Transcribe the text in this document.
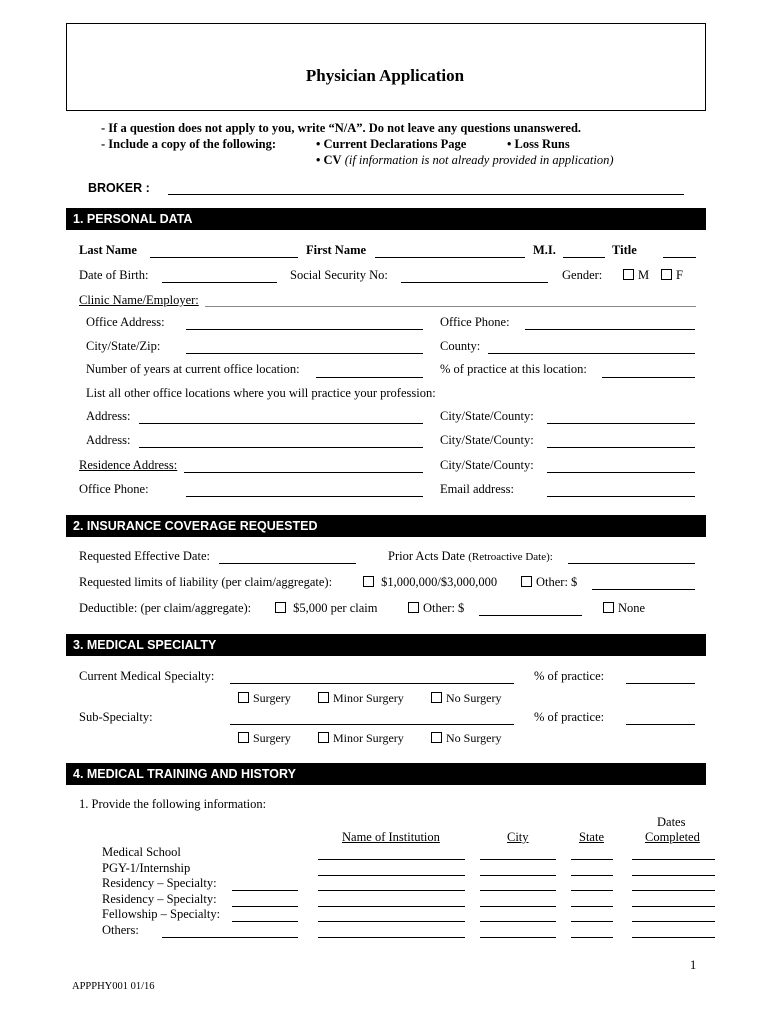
Physician Application
- If a question does not apply to you, write “N/A”. Do not leave any questions unanswered.
- Include a copy of the following:	• Current Declarations Page	• Loss Runs
• CV (if information is not already provided in application)
BROKER :
1. PERSONAL DATA
Last Name	First Name	M.I.	Title
Date of Birth:	Social Security No:	Gender:	M	F
Clinic Name/Employer:
Office Address:	Office Phone:
City/State/Zip:	County:
Number of years at current office location:	% of practice at this location:
List all other office locations where you will practice your profession:
Address:	City/State/County:
Address:	City/State/County:
Residence Address:	City/State/County:
Office Phone:	Email address:
2. INSURANCE COVERAGE REQUESTED
Requested Effective Date:	Prior Acts Date (Retroactive Date):
Requested limits of liability (per claim/aggregate):	$1,000,000/$3,000,000	Other: $
Deductible: (per claim/aggregate):	$5,000 per claim	Other: $	None
3. MEDICAL SPECIALTY
Current Medical Specialty:	% of practice:
Surgery	Minor Surgery	No Surgery
Sub-Specialty:	% of practice:
Surgery	Minor Surgery	No Surgery
4. MEDICAL TRAINING AND HISTORY
1. Provide the following information:
Dates
Name of Institution	City	State	Completed
Medical School
PGY-1/Internship
Residency – Specialty:
Residency – Specialty:
Fellowship – Specialty:
Others:
1
APPPHY001 01/16
